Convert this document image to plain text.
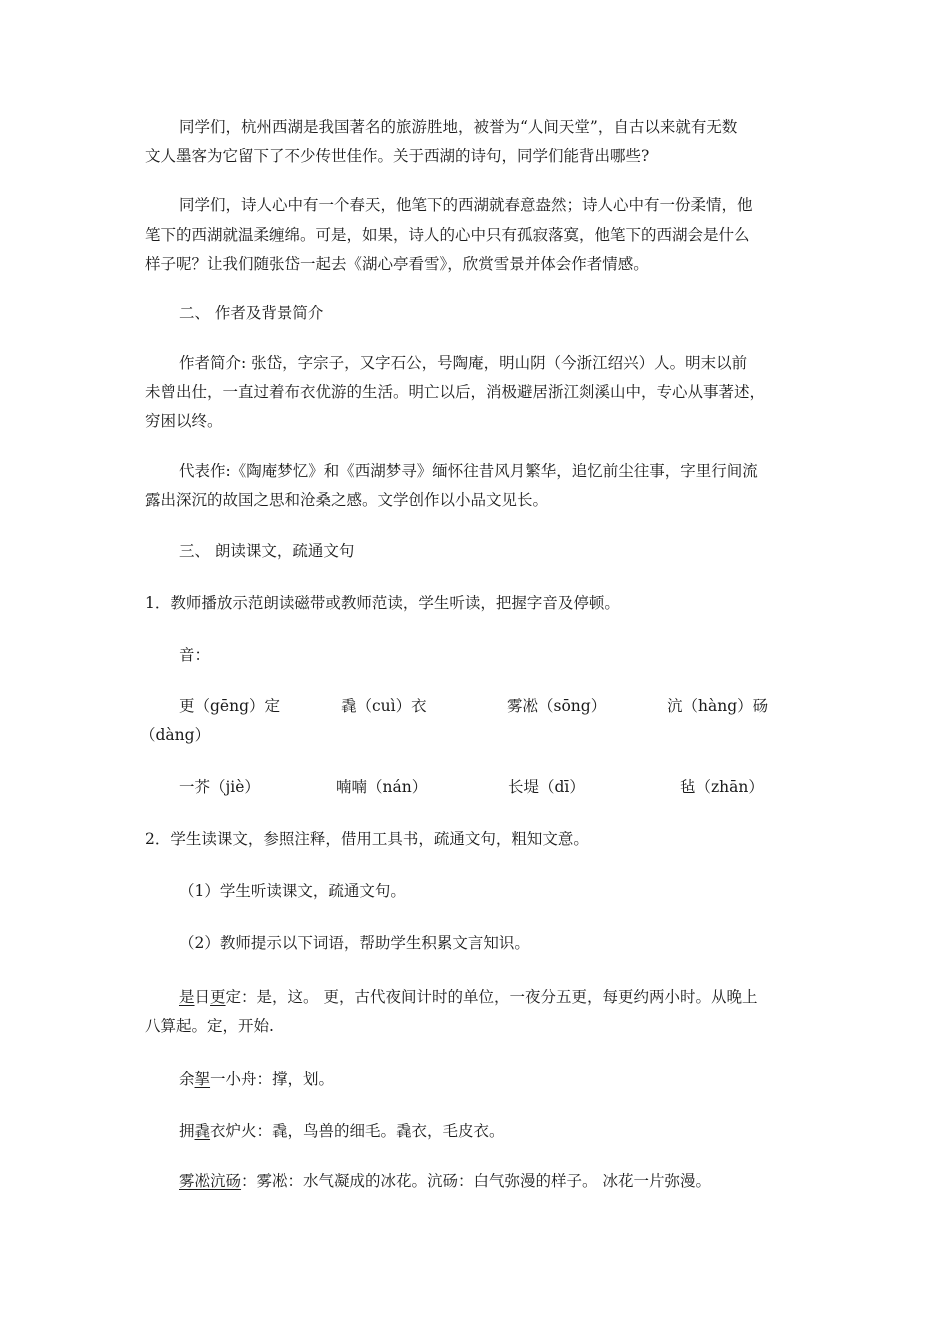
同学们，杭州西湖是我国著名的旅游胜地，被誉为“人间天堂”，自古以来就有无数
文人墨客为它留下了不少传世佳作。关于西湖的诗句，同学们能背出哪些?
同学们，诗人心中有一个春天，他笔下的西湖就春意盎然；诗人心中有一份柔情，他
笔下的西湖就温柔缠绵。可是，如果，诗人的心中只有孤寂落寞，他笔下的西湖会是什么
样子呢？让我们随张岱一起去《湖心亭看雪》，欣赏雪景并体会作者情感。
二、 作者及背景简介
作者简介: 张岱，字宗子，又字石公，号陶庵，明山阴（今浙江绍兴）人。明末以前
未曾出仕，一直过着布衣优游的生活。明亡以后，消极避居浙江剡溪山中，专心从事著述，
穷困以终。
代表作:《陶庵梦忆》和《西湖梦寻》缅怀往昔风月繁华，追忆前尘往事，字里行间流
露出深沉的故国之思和沧桑之感。文学创作以小品文见长。
三、 朗读课文，疏通文句
1．教师播放示范朗读磁带或教师范读，学生听读，把握字音及停顿。
音：
更（gēng）定	毳（cuì）衣	雾凇（sōng）	沆（hàng）砀
（dàng）
一芥（jiè）	喃喃（nán）	长堤（dī）	毡（zhān）
2．学生读课文，参照注释，借用工具书，疏通文句，粗知文意。
（1）学生听读课文，疏通文句。
（2）教师提示以下词语，帮助学生积累文言知识。
是日更定：是，这。 更，古代夜间计时的单位，一夜分五更，每更约两小时。从晚上
八算起。定，开始.
余挐一小舟：撑，划。
拥毳衣炉火：毳，鸟兽的细毛。毳衣，毛皮衣。
雾凇沆砀：雾凇：水气凝成的冰花。沆砀：白气弥漫的样子。 冰花一片弥漫。
